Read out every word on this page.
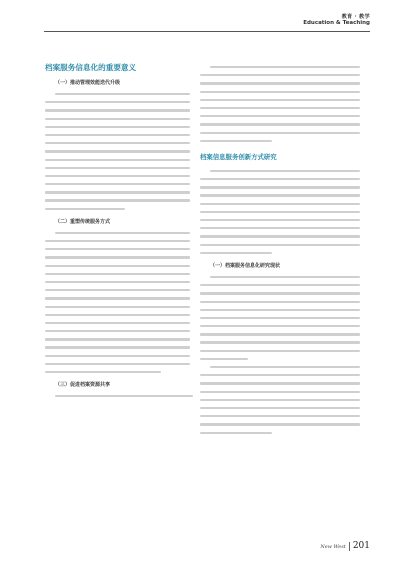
教育 · 教学
Education & Teaching
档案服务信息化的重要意义
（一）推动管理效能迭代升级
（二）重塑传统服务方式
（三）促进档案资源共享
档案信息服务创新方式研究
（一）档案服务信息化研究现状
New West 201
